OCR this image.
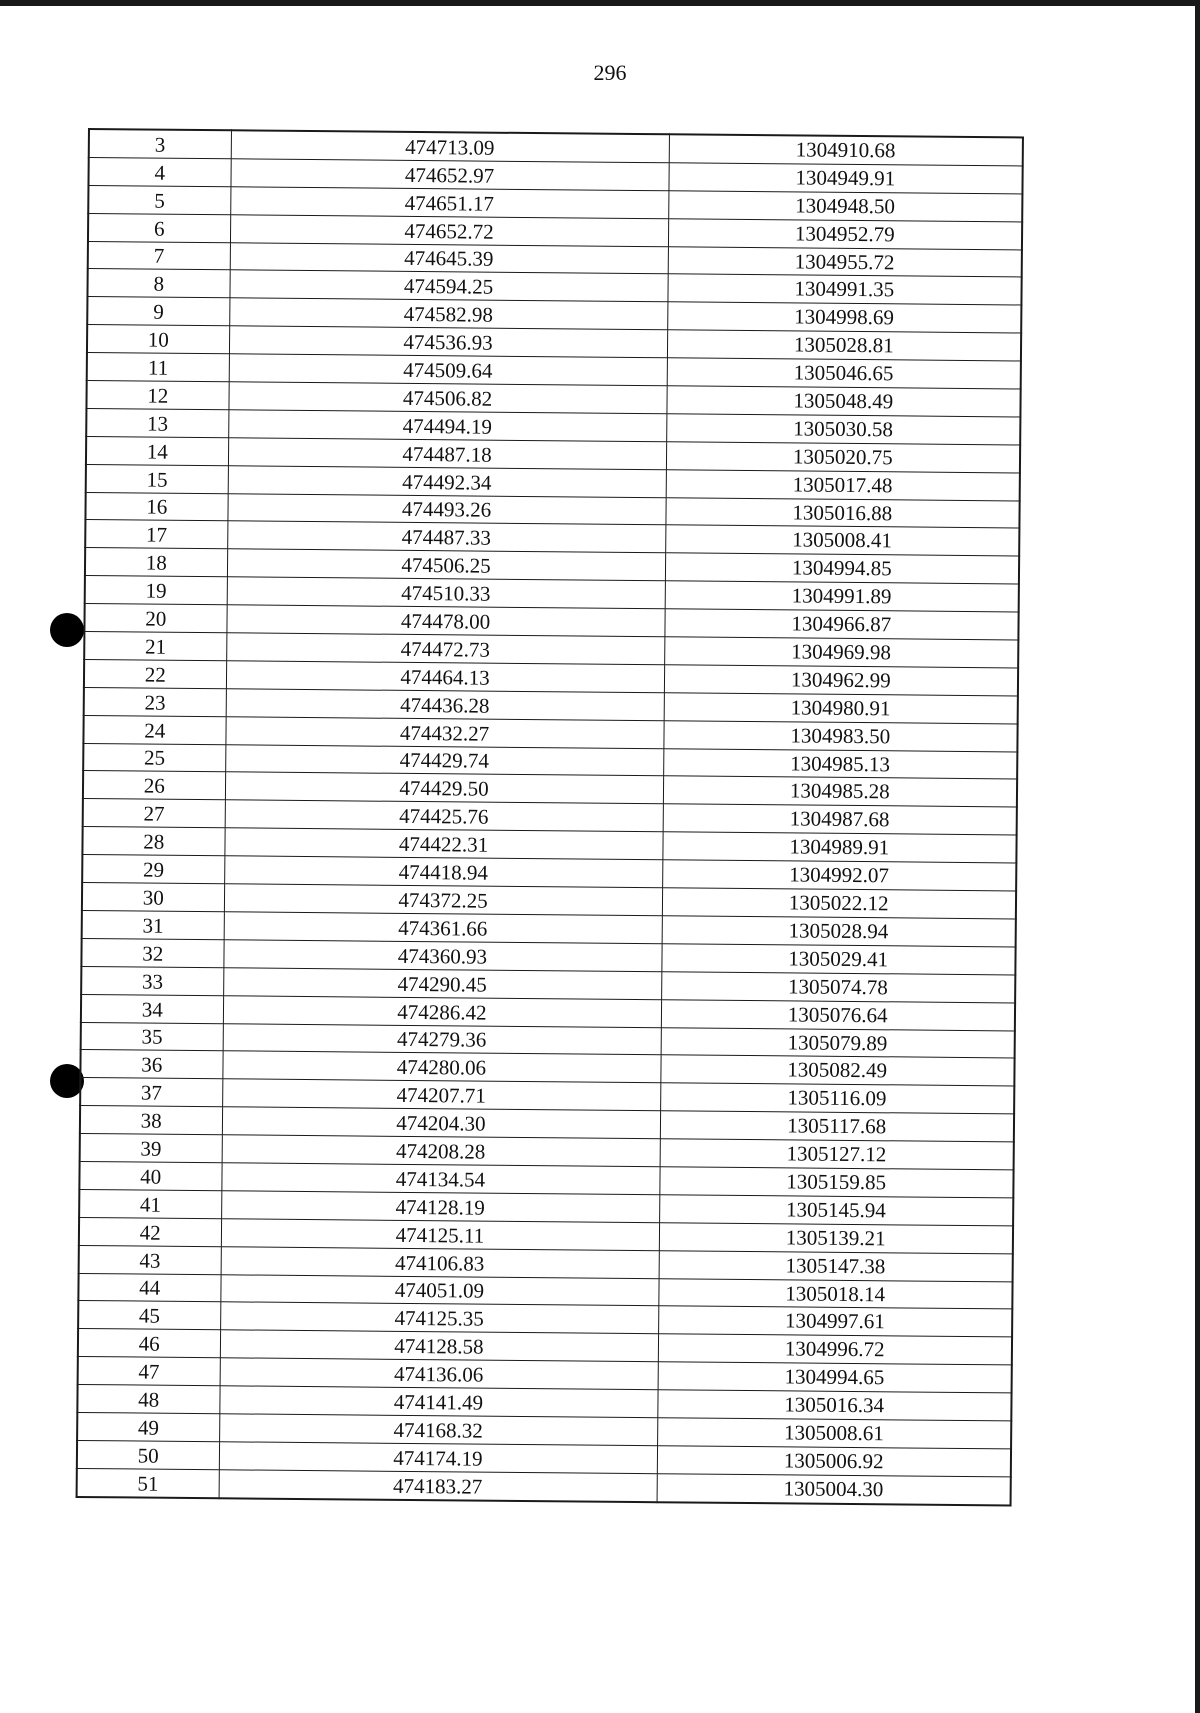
296
3	474713.09	1304910.68
4	474652.97	1304949.91
5	474651.17	1304948.50
6	474652.72	1304952.79
7	474645.39	1304955.72
8	474594.25	1304991.35
9	474582.98	1304998.69
10	474536.93	1305028.81
11	474509.64	1305046.65
12	474506.82	1305048.49
13	474494.19	1305030.58
14	474487.18	1305020.75
15	474492.34	1305017.48
16	474493.26	1305016.88
17	474487.33	1305008.41
18	474506.25	1304994.85
19	474510.33	1304991.89
20	474478.00	1304966.87
21	474472.73	1304969.98
22	474464.13	1304962.99
23	474436.28	1304980.91
24	474432.27	1304983.50
25	474429.74	1304985.13
26	474429.50	1304985.28
27	474425.76	1304987.68
28	474422.31	1304989.91
29	474418.94	1304992.07
30	474372.25	1305022.12
31	474361.66	1305028.94
32	474360.93	1305029.41
33	474290.45	1305074.78
34	474286.42	1305076.64
35	474279.36	1305079.89
36	474280.06	1305082.49
37	474207.71	1305116.09
38	474204.30	1305117.68
39	474208.28	1305127.12
40	474134.54	1305159.85
41	474128.19	1305145.94
42	474125.11	1305139.21
43	474106.83	1305147.38
44	474051.09	1305018.14
45	474125.35	1304997.61
46	474128.58	1304996.72
47	474136.06	1304994.65
48	474141.49	1305016.34
49	474168.32	1305008.61
50	474174.19	1305006.92
51	474183.27	1305004.30
